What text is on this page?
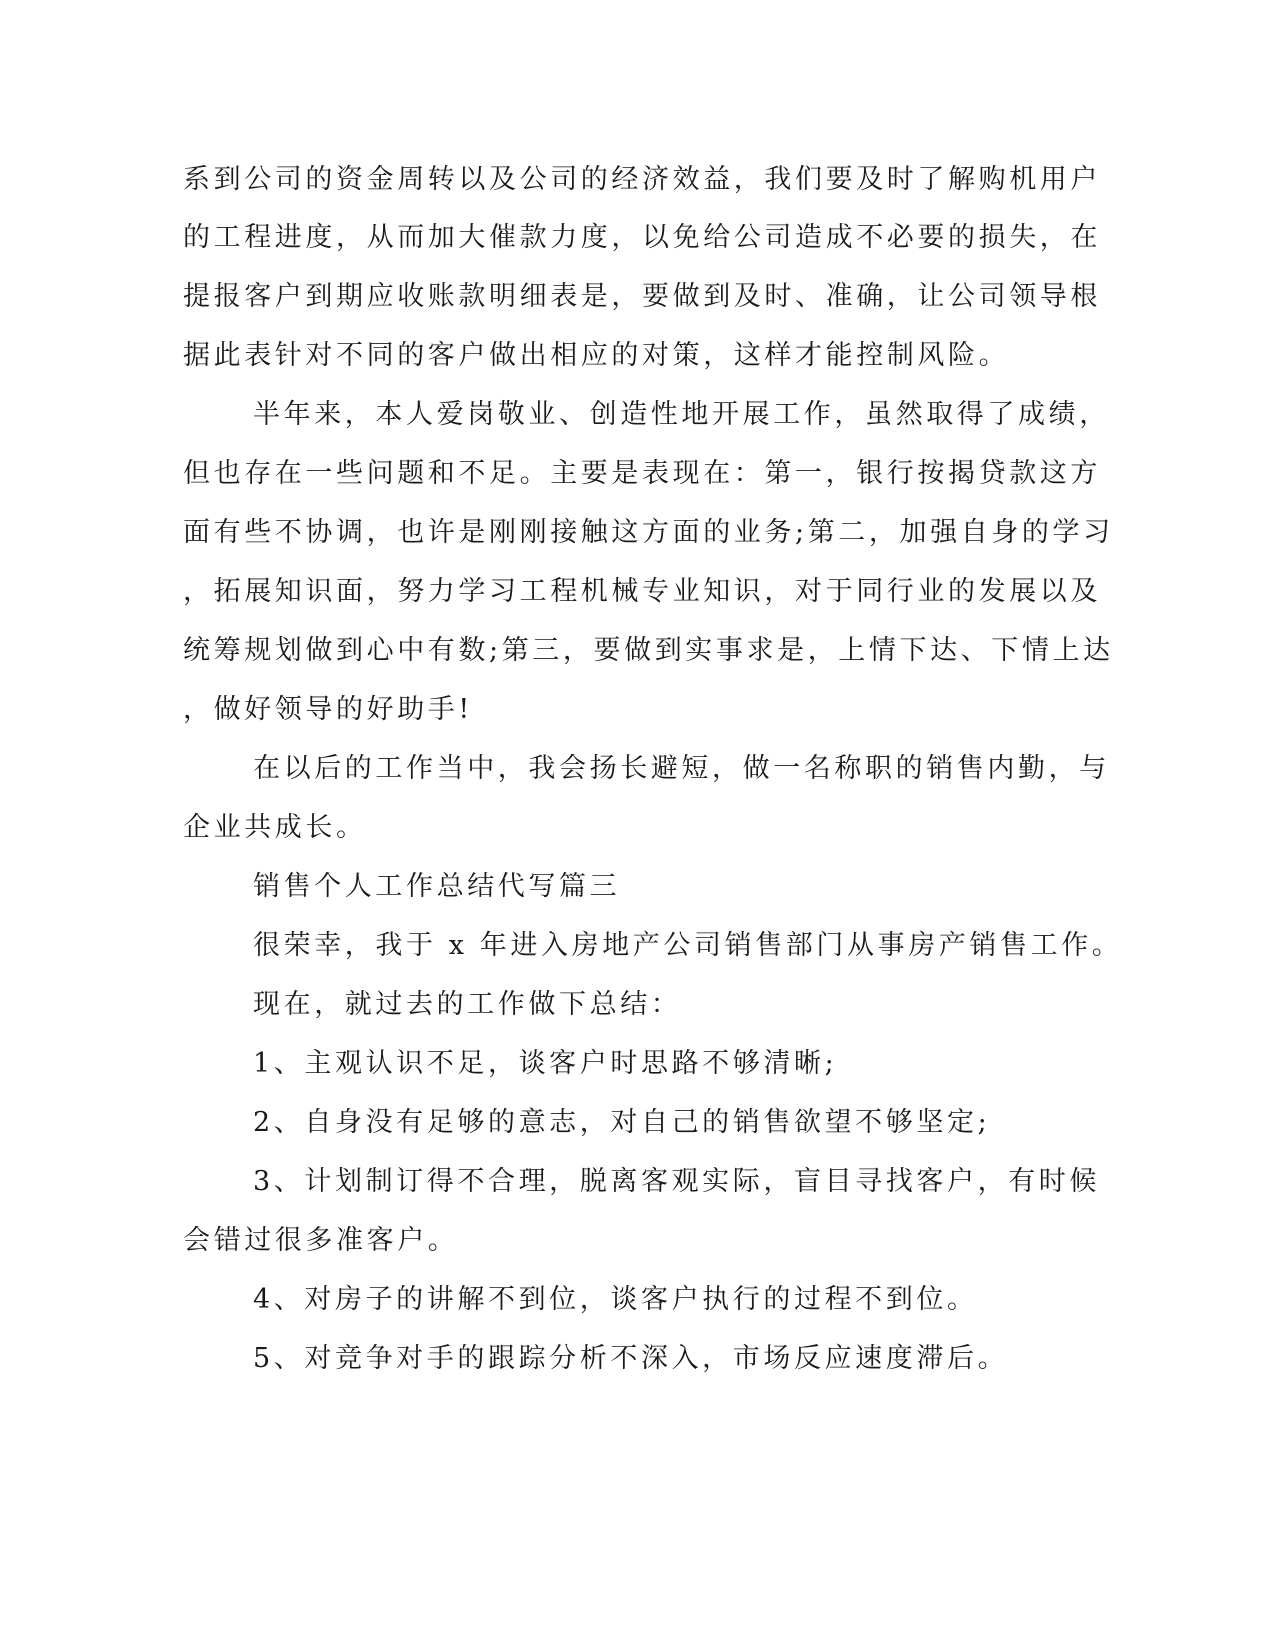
系到公司的资金周转以及公司的经济效益，我们要及时了解购机用户
的工程进度，从而加大催款力度，以免给公司造成不必要的损失，在
提报客户到期应收账款明细表是，要做到及时、准确，让公司领导根
据此表针对不同的客户做出相应的对策，这样才能控制风险。
半年来，本人爱岗敬业、创造性地开展工作，虽然取得了成绩，
但也存在一些问题和不足。主要是表现在：第一，银行按揭贷款这方
面有些不协调，也许是刚刚接触这方面的业务;第二，加强自身的学习
，拓展知识面，努力学习工程机械专业知识，对于同行业的发展以及
统筹规划做到心中有数;第三，要做到实事求是，上情下达、下情上达
，做好领导的好助手!
在以后的工作当中，我会扬长避短，做一名称职的销售内勤，与
企业共成长。
销售个人工作总结代写篇三
很荣幸，我于 x 年进入房地产公司销售部门从事房产销售工作。
现在，就过去的工作做下总结：
1、主观认识不足，谈客户时思路不够清晰;
2、自身没有足够的意志，对自己的销售欲望不够坚定;
3、计划制订得不合理，脱离客观实际，盲目寻找客户，有时候
会错过很多准客户。
4、对房子的讲解不到位，谈客户执行的过程不到位。
5、对竞争对手的跟踪分析不深入，市场反应速度滞后。
